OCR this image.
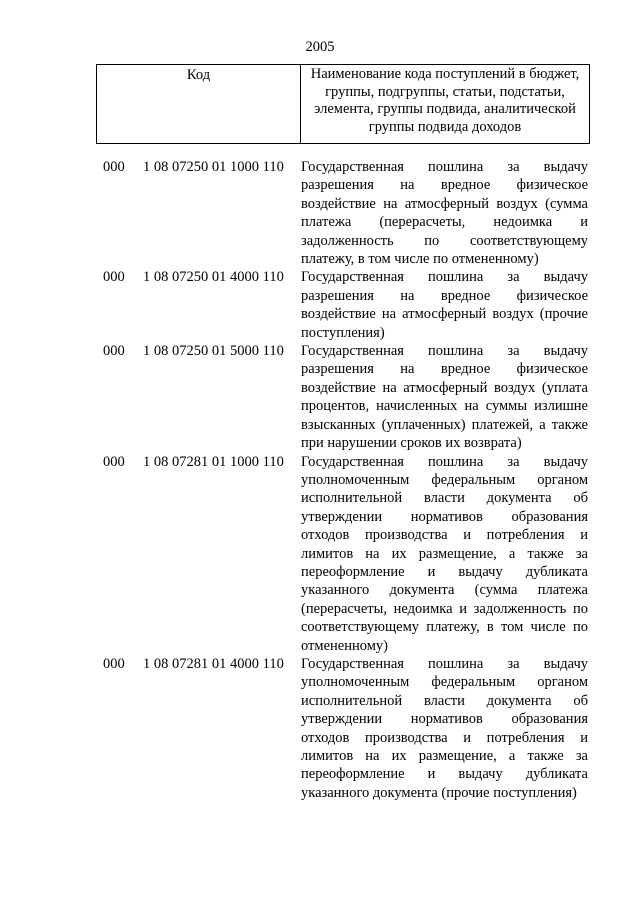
2005
Код	Наименование кода поступлений в бюджет, группы, подгруппы, статьи, подстатьи, элемента, группы подвида, аналитической группы подвида доходов
000 1 08 07250 01 1000 110 Государственная пошлина за выдачу разрешения на вредное физическое воздействие на атмосферный воздух (сумма платежа (перерасчеты, недоимка и задолженность по соответствующему платежу, в том числе по отмененному)
000 1 08 07250 01 4000 110 Государственная пошлина за выдачу разрешения на вредное физическое воздействие на атмосферный воздух (прочие поступления)
000 1 08 07250 01 5000 110 Государственная пошлина за выдачу разрешения на вредное физическое воздействие на атмосферный воздух (уплата процентов, начисленных на суммы излишне взысканных (уплаченных) платежей, а также при нарушении сроков их возврата)
000 1 08 07281 01 1000 110 Государственная пошлина за выдачу уполномоченным федеральным органом исполнительной власти документа об утверждении нормативов образования отходов производства и потребления и лимитов на их размещение, а также за переоформление и выдачу дубликата указанного документа (сумма платежа (перерасчеты, недоимка и задолженность по соответствующему платежу, в том числе по отмененному)
000 1 08 07281 01 4000 110 Государственная пошлина за выдачу уполномоченным федеральным органом исполнительной власти документа об утверждении нормативов образования отходов производства и потребления и лимитов на их размещение, а также за переоформление и выдачу дубликата указанного документа (прочие поступления)
